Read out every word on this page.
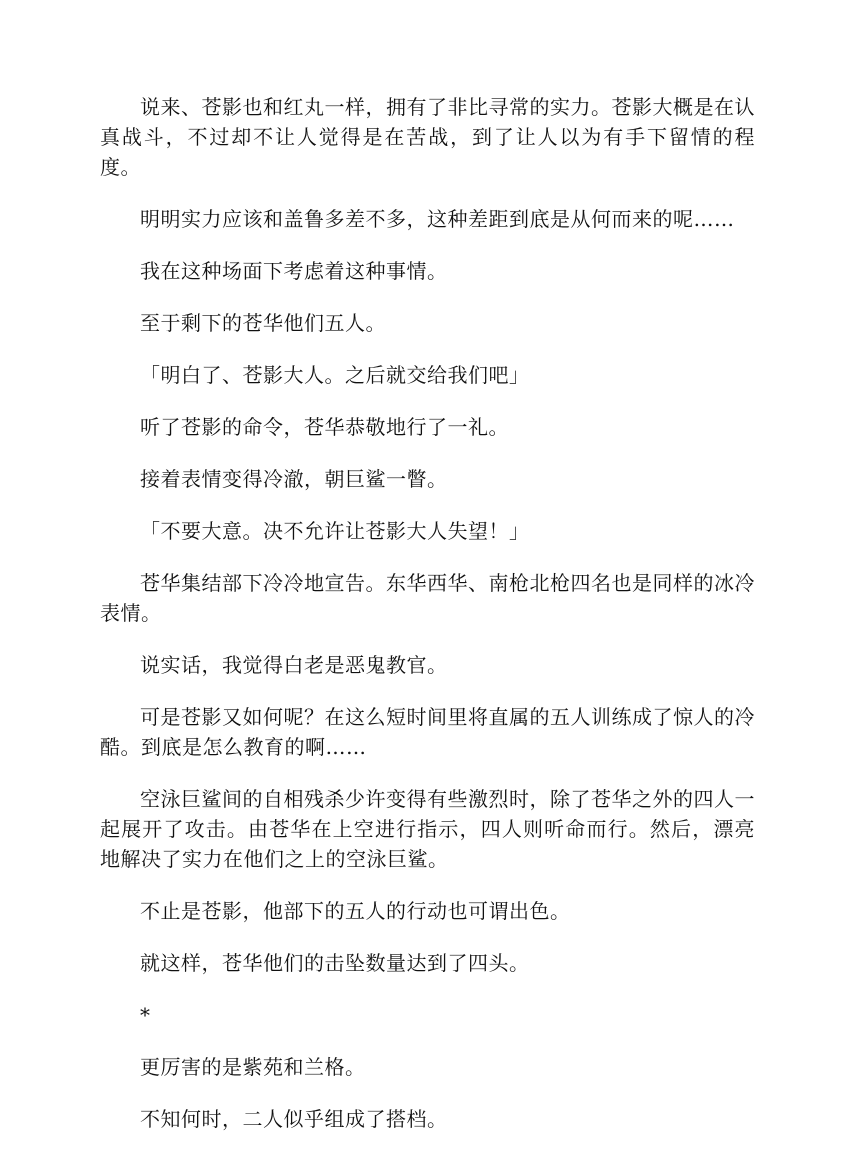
说来、苍影也和红丸一样，拥有了非比寻常的实力。苍影大概是在认真战斗，不过却不让人觉得是在苦战，到了让人以为有手下留情的程度。

明明实力应该和盖鲁多差不多，这种差距到底是从何而来的呢……

我在这种场面下考虑着这种事情。

至于剩下的苍华他们五人。

「明白了、苍影大人。之后就交给我们吧」

听了苍影的命令，苍华恭敬地行了一礼。

接着表情变得冷澈，朝巨鲨一瞥。

「不要大意。决不允许让苍影大人失望！」

苍华集结部下冷冷地宣告。东华西华、南枪北枪四名也是同样的冰冷表情。

说实话，我觉得白老是恶鬼教官。

可是苍影又如何呢？在这么短时间里将直属的五人训练成了惊人的冷酷。到底是怎么教育的啊……

空泳巨鲨间的自相残杀少许变得有些激烈时，除了苍华之外的四人一起展开了攻击。由苍华在上空进行指示，四人则听命而行。然后，漂亮地解决了实力在他们之上的空泳巨鲨。

不止是苍影，他部下的五人的行动也可谓出色。

就这样，苍华他们的击坠数量达到了四头。

*

更厉害的是紫苑和兰格。

不知何时，二人似乎组成了搭档。
